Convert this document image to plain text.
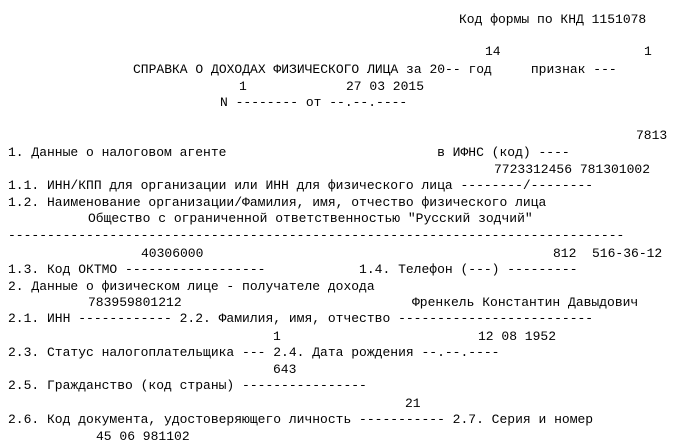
Код формы по КНД 1151078
14	1
СПРАВКА О ДОХОДАХ ФИЗИЧЕСКОГО ЛИЦА за 20-- год     признак ---
1	27 03 2015
N -------- от --.--.----
7813
1. Данные о налоговом агенте                           в ИФНС (код) ----
7723312456 781301002
1.1. ИНН/КПП для организации или ИНН для физического лица --------/--------
1.2. Наименование организации/Фамилия, имя, отчество физического лица
Общество с ограниченной ответственностью "Русский зодчий"
-------------------------------------------------------------------------------
40306000	812  516-36-12
1.3. Код ОКТМО ------------------            1.4. Телефон (---) ---------
2. Данные о физическом лице - получателе дохода
783959801212	Френкель Константин Давыдович
2.1. ИНН ------------ 2.2. Фамилия, имя, отчество -------------------------
1	12 08 1952
2.3. Статус налогоплательщика --- 2.4. Дата рождения --.--.----
643
2.5. Гражданство (код страны) ----------------
21
2.6. Код документа, удостоверяющего личность ----------- 2.7. Серия и номер
45 06 981102
